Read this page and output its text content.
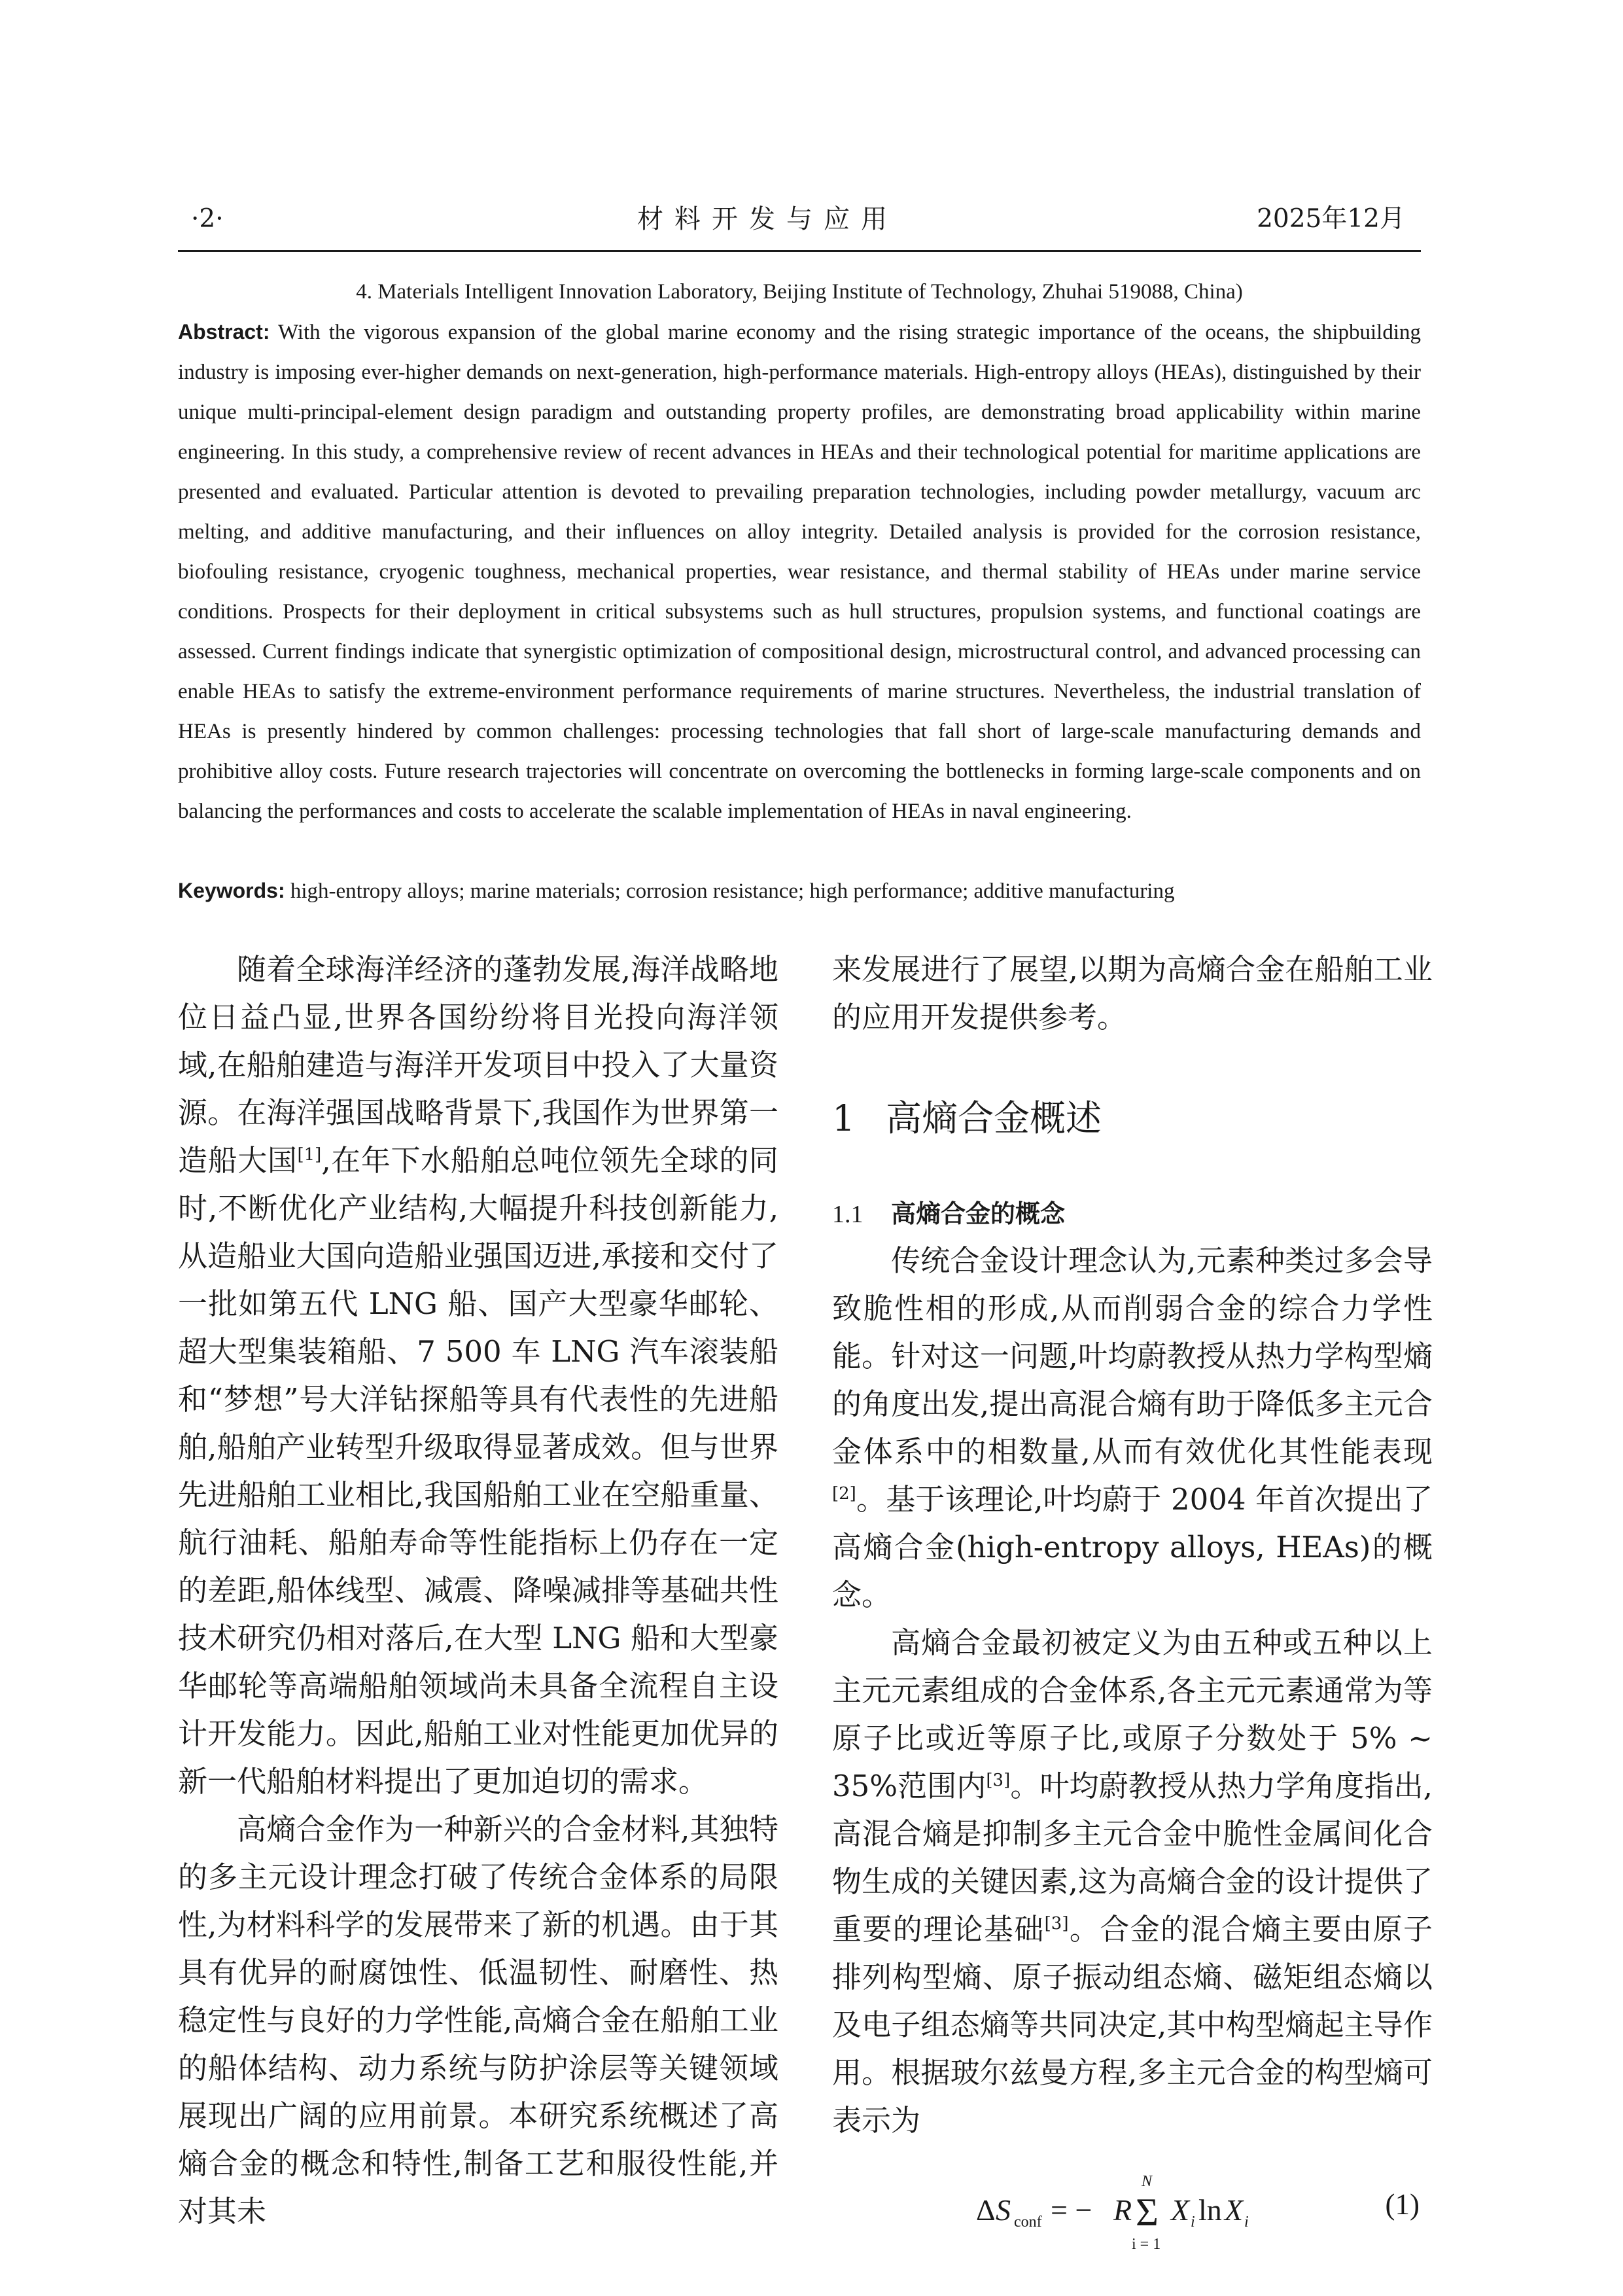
·2·	材料开发与应用	2025年12月
4. Materials Intelligent Innovation Laboratory, Beijing Institute of Technology, Zhuhai 519088, China)
Abstract: With the vigorous expansion of the global marine economy and the rising strategic importance of the oceans, the shipbuilding industry is imposing ever-higher demands on next-generation, high-performance materials. High-entropy alloys (HEAs), distinguished by their unique multi-principal-element design paradigm and outstanding property profiles, are demonstrating broad applicability within marine engineering. In this study, a comprehensive review of recent advances in HEAs and their technological potential for maritime applications are presented and evaluated. Particular attention is devoted to prevailing preparation technologies, including powder metallurgy, vacuum arc melting, and additive manufacturing, and their influences on alloy integrity. Detailed analysis is provided for the corrosion resistance, biofouling resistance, cryogenic toughness, mechanical properties, wear resistance, and thermal stability of HEAs under marine service conditions. Prospects for their deployment in critical subsystems such as hull structures, propulsion systems, and functional coatings are assessed. Current findings indicate that synergistic optimization of compositional design, microstructural control, and advanced processing can enable HEAs to satisfy the extreme-environment performance requirements of marine structures. Nevertheless, the industrial translation of HEAs is presently hindered by common challenges: processing technologies that fall short of large-scale manufacturing demands and prohibitive alloy costs. Future research trajectories will concentrate on overcoming the bottlenecks in forming large-scale components and on balancing the performances and costs to accelerate the scalable implementation of HEAs in naval engineering.
Keywords: high-entropy alloys; marine materials; corrosion resistance; high performance; additive manufacturing

随着全球海洋经济的蓬勃发展,海洋战略地位日益凸显,世界各国纷纷将目光投向海洋领域,在船舶建造与海洋开发项目中投入了大量资源。在海洋强国战略背景下,我国作为世界第一造船大国[1],在年下水船舶总吨位领先全球的同时,不断优化产业结构,大幅提升科技创新能力,从造船业大国向造船业强国迈进,承接和交付了一批如第五代 LNG 船、国产大型豪华邮轮、超大型集装箱船、7 500 车 LNG 汽车滚装船和“梦想”号大洋钻探船等具有代表性的先进船舶,船舶产业转型升级取得显著成效。但与世界先进船舶工业相比,我国船舶工业在空船重量、航行油耗、船舶寿命等性能指标上仍存在一定的差距,船体线型、减震、降噪减排等基础共性技术研究仍相对落后,在大型 LNG 船和大型豪华邮轮等高端船舶领域尚未具备全流程自主设计开发能力。因此,船舶工业对性能更加优异的新一代船舶材料提出了更加迫切的需求。

高熵合金作为一种新兴的合金材料,其独特的多主元设计理念打破了传统合金体系的局限性,为材料科学的发展带来了新的机遇。由于其具有优异的耐腐蚀性、低温韧性、耐磨性、热稳定性与良好的力学性能,高熵合金在船舶工业的船体结构、动力系统与防护涂层等关键领域展现出广阔的应用前景。本研究系统概述了高熵合金的概念和特性,制备工艺和服役性能,并对其未

来发展进行了展望,以期为高熵合金在船舶工业的应用开发提供参考。

1 高熵合金概述
1.1 高熵合金的概念

传统合金设计理念认为,元素种类过多会导致脆性相的形成,从而削弱合金的综合力学性能。针对这一问题,叶均蔚教授从热力学构型熵的角度出发,提出高混合熵有助于降低多主元合金体系中的相数量,从而有效优化其性能表现[2]。基于该理论,叶均蔚于 2004 年首次提出了高熵合金(high-entropy alloys, HEAs)的概念。

高熵合金最初被定义为由五种或五种以上主元元素组成的合金体系,各主元元素通常为等原子比或近等原子比,或原子分数处于 5% ~ 35%范围内[3]。叶均蔚教授从热力学角度指出,高混合熵是抑制多主元合金中脆性金属间化合物生成的关键因素,这为高熵合金的设计提供了重要的理论基础[3]。合金的混合熵主要由原子排列构型熵、原子振动组态熵、磁矩组态熵以及电子组态熵等共同决定,其中构型熵起主导作用。根据玻尔兹曼方程,多主元合金的构型熵可表示为

Δ S conf = − R
N
Σ
i = 1
X i ln X i
(1)
